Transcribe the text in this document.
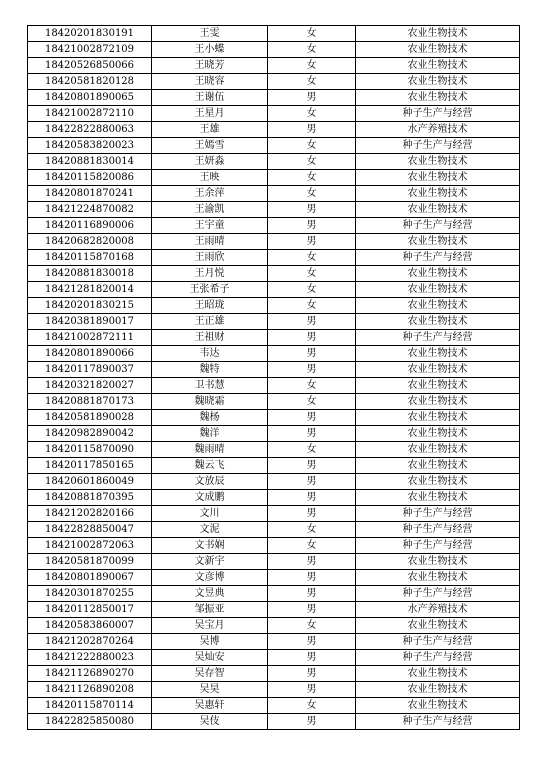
18420201830191	王雯	女	农业生物技术
18421002872109	王小蝶	女	农业生物技术
18420526850066	王晓芳	女	农业生物技术
18420581820128	王晓容	女	农业生物技术
18420801890065	王谢伍	男	农业生物技术
18421002872110	王星月	女	种子生产与经营
18422822880063	王雄	男	水产养殖技术
18420583820023	王嫣雪	女	种子生产与经营
18420881830014	王妍淼	女	农业生物技术
18420115820086	王映	女	农业生物技术
18420801870241	王余萍	女	农业生物技术
18421224870082	王渝凯	男	农业生物技术
18420116890006	王宇童	男	种子生产与经营
18420682820008	王雨晴	男	农业生物技术
18420115870168	王雨欣	女	种子生产与经营
18420881830018	王月悦	女	农业生物技术
18421281820014	王张希子	女	农业生物技术
18420201830215	王昭珑	女	农业生物技术
18420381890017	王正雄	男	农业生物技术
18421002872111	王祖财	男	种子生产与经营
18420801890066	韦达	男	农业生物技术
18420117890037	魏特	男	农业生物技术
18420321820027	卫书慧	女	农业生物技术
18420881870173	魏晓霜	女	农业生物技术
18420581890028	魏杨	男	农业生物技术
18420982890042	魏洋	男	农业生物技术
18420115870090	魏雨晴	女	农业生物技术
18420117850165	魏云飞	男	农业生物技术
18420601860049	文放辰	男	农业生物技术
18420881870395	文成鹏	男	农业生物技术
18421202820166	文川	男	种子生产与经营
18422828850047	文泥	女	种子生产与经营
18421002872063	文书娴	女	种子生产与经营
18420581870099	文新宇	男	农业生物技术
18420801890067	文彦博	男	农业生物技术
18420301870255	文昱典	男	种子生产与经营
18420112850017	邹振亚	男	水产养殖技术
18420583860007	吴宝月	女	农业生物技术
18421202870264	吴博	男	种子生产与经营
18421222880023	吴灿安	男	种子生产与经营
18421126890270	吴存智	男	农业生物技术
18421126890208	吴昊	男	农业生物技术
18420115870114	吴惠轩	女	农业生物技术
18422825850080	吴伎	男	种子生产与经营
